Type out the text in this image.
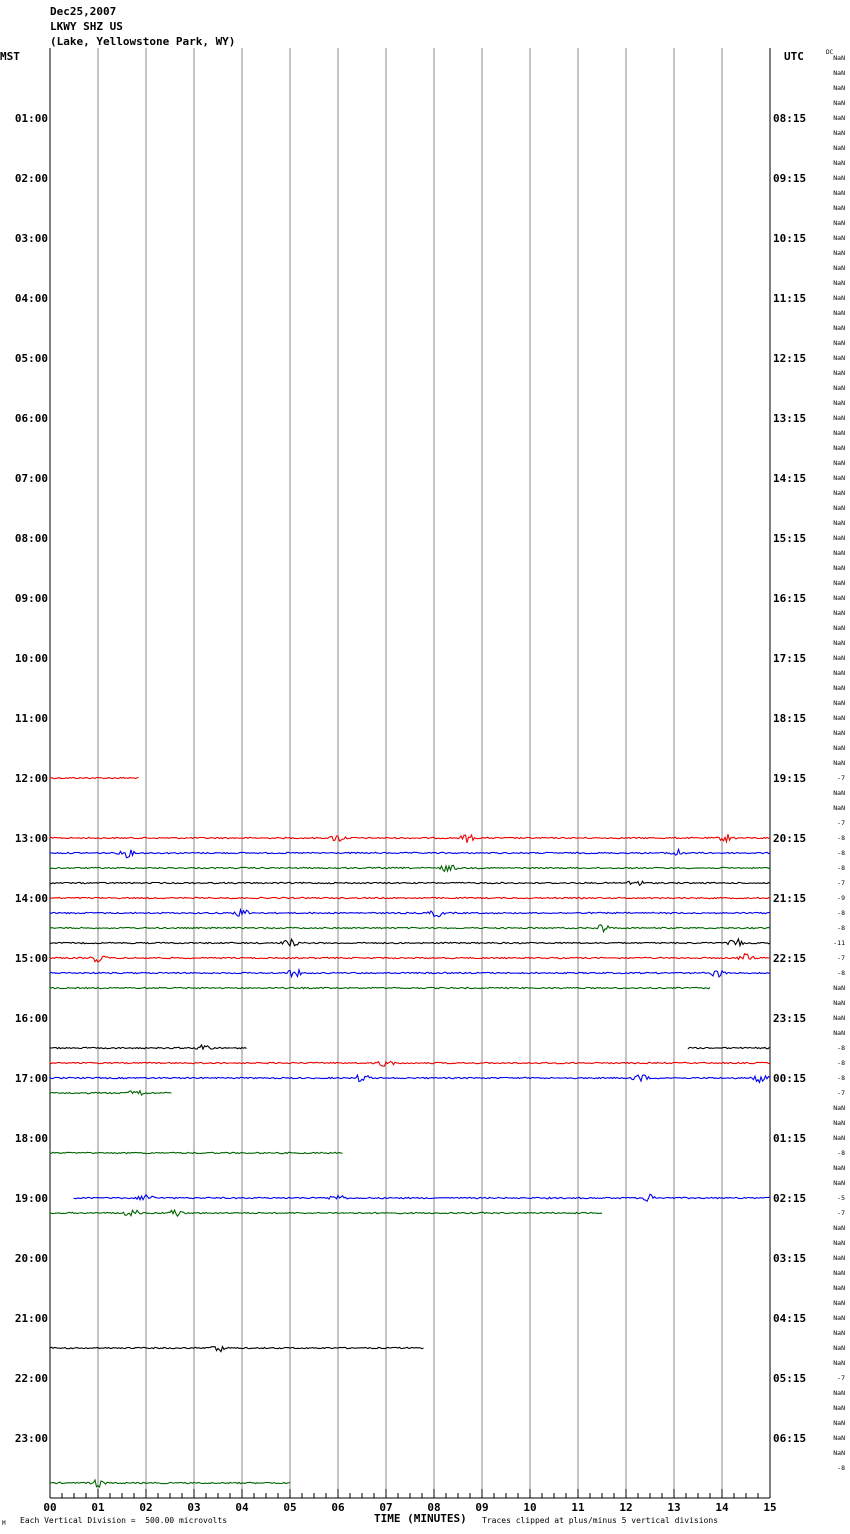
Dec25,2007
LKWY SHZ US
(Lake, Yellowstone Park, WY)
MST	UTC	DC
01:00	08:15
02:00	09:15
03:00	10:15
04:00	11:15
05:00	12:15
06:00	13:15
07:00	14:15
08:00	15:15
09:00	16:15
10:00	17:15
11:00	18:15
12:00	19:15
13:00	20:15
14:00	21:15
15:00	22:15
16:00	23:15
17:00	00:15
18:00	01:15
19:00	02:15
20:00	03:15
21:00	04:15
22:00	05:15
23:00	06:15
NaN
NaN
NaN
NaN
NaN
NaN
NaN
NaN
NaN
NaN
NaN
NaN
NaN
NaN
NaN
NaN
NaN
NaN
NaN
NaN
NaN
NaN
NaN
NaN
NaN
NaN
NaN
NaN
NaN
NaN
NaN
NaN
NaN
NaN
NaN
NaN
NaN
NaN
NaN
NaN
NaN
NaN
NaN
NaN
NaN
NaN
NaN
NaN
-7
NaN
NaN
-7
-8
-8
-8
-7
-9
-8
-8
-11
-7
-8
NaN
NaN
NaN
NaN
-8
-8
-8
-7
NaN
NaN
NaN
-8
NaN
NaN
-5
-7
NaN
NaN
NaN
NaN
NaN
NaN
NaN
NaN
NaN
NaN
-7
NaN
NaN
NaN
NaN
NaN
-8
00	01	02	03	04	05	06	07	08	09	10	11	12	13	14	15
M Each Vertical Division =  500.00 microvolts	TIME (MINUTES) Traces clipped at plus/minus 5 vertical divisions
